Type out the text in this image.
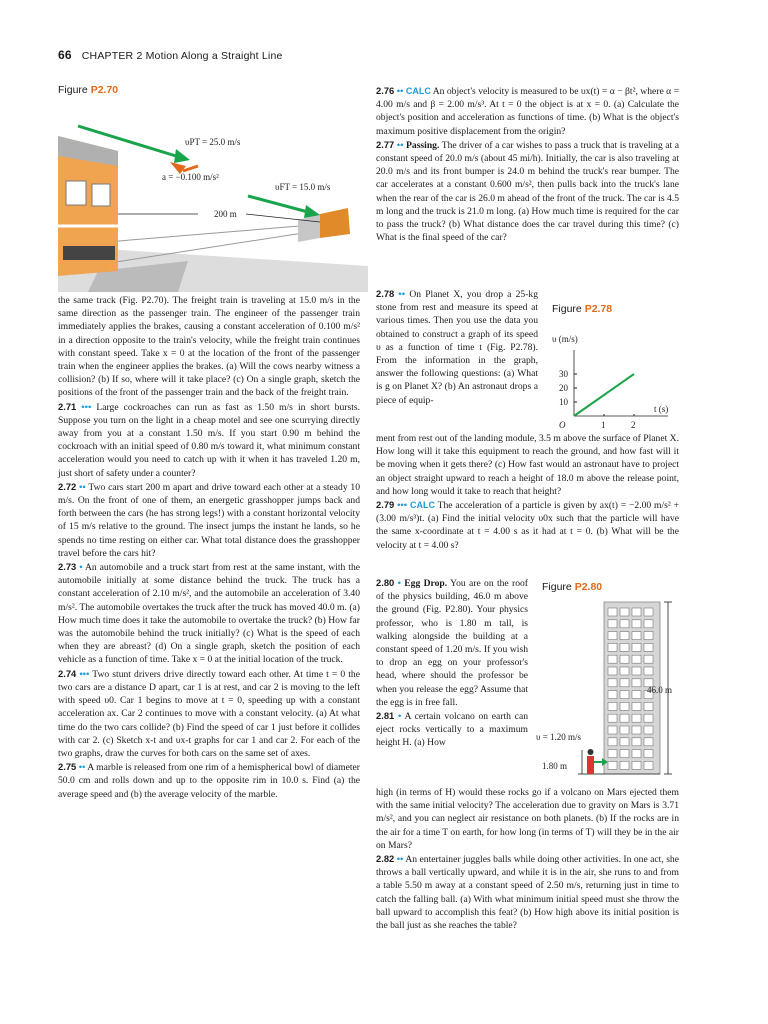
66 CHAPTER 2 Motion Along a Straight Line
Figure P2.70
υPT = 25.0 m/s
a = −0.100 m/s²
υFT = 15.0 m/s
200 m

the same track (Fig. P2.70). The freight train is traveling at 15.0 m/s in the same direction as the passenger train. The engineer of the passenger train immediately applies the brakes, causing a constant acceleration of 0.100 m/s² in a direction opposite to the train's velocity, while the freight train continues with constant speed. Take x = 0 at the location of the front of the passenger train when the engineer applies the brakes. (a) Will the cows nearby witness a collision? (b) If so, where will it take place? (c) On a single graph, sketch the positions of the front of the passenger train and the back of the freight train.

2.71 ••• Large cockroaches can run as fast as 1.50 m/s in short bursts. Suppose you turn on the light in a cheap motel and see one scurrying directly away from you at a constant 1.50 m/s. If you start 0.90 m behind the cockroach with an initial speed of 0.80 m/s toward it, what minimum constant acceleration would you need to catch up with it when it has traveled 1.20 m, just short of safety under a counter?

2.72 •• Two cars start 200 m apart and drive toward each other at a steady 10 m/s. On the front of one of them, an energetic grasshopper jumps back and forth between the cars (he has strong legs!) with a constant horizontal velocity of 15 m/s relative to the ground. The insect jumps the instant he lands, so he spends no time resting on either car. What total distance does the grasshopper travel before the cars hit?

2.73 • An automobile and a truck start from rest at the same instant, with the automobile initially at some distance behind the truck. The truck has a constant acceleration of 2.10 m/s², and the automobile an acceleration of 3.40 m/s². The automobile overtakes the truck after the truck has moved 40.0 m. (a) How much time does it take the automobile to overtake the truck? (b) How far was the automobile behind the truck initially? (c) What is the speed of each when they are abreast? (d) On a single graph, sketch the position of each vehicle as a function of time. Take x = 0 at the initial location of the truck.

2.74 ••• Two stunt drivers drive directly toward each other. At time t = 0 the two cars are a distance D apart, car 1 is at rest, and car 2 is moving to the left with speed υ0. Car 1 begins to move at t = 0, speeding up with a constant acceleration ax. Car 2 continues to move with a constant velocity. (a) At what time do the two cars collide? (b) Find the speed of car 1 just before it collides with car 2. (c) Sketch x-t and υx-t graphs for car 1 and car 2. For each of the two graphs, draw the curves for both cars on the same set of axes.

2.75 •• A marble is released from one rim of a hemispherical bowl of diameter 50.0 cm and rolls down and up to the opposite rim in 10.0 s. Find (a) the average speed and (b) the average velocity of the marble.

2.76 •• CALC An object's velocity is measured to be υx(t) = α − βt², where α = 4.00 m/s and β = 2.00 m/s³. At t = 0 the object is at x = 0. (a) Calculate the object's position and acceleration as functions of time. (b) What is the object's maximum positive displacement from the origin?

2.77 •• Passing. The driver of a car wishes to pass a truck that is traveling at a constant speed of 20.0 m/s (about 45 mi/h). Initially, the car is also traveling at 20.0 m/s and its front bumper is 24.0 m behind the truck's rear bumper. The car accelerates at a constant 0.600 m/s², then pulls back into the truck's lane when the rear of the car is 26.0 m ahead of the front of the truck. The car is 4.5 m long and the truck is 21.0 m long. (a) How much time is required for the car to pass the truck? (b) What distance does the car travel during this time? (c) What is the final speed of the car?

2.78 •• On Planet X, you drop a 25-kg stone from rest and measure its speed at various times. Then you use the data you obtained to construct a graph of its speed υ as a function of time t (Fig. P2.78). From the information in the graph, answer the following questions: (a) What is g on Planet X? (b) An astronaut drops a piece of equip-

Figure P2.78
υ (m/s)
30
20
10
O	1	2
t (s)

ment from rest out of the landing module, 3.5 m above the surface of Planet X. How long will it take this equipment to reach the ground, and how fast will it be moving when it gets there? (c) How fast would an astronaut have to project an object straight upward to reach a height of 18.0 m above the release point, and how long would it take to reach that height?

2.79 ••• CALC The acceleration of a particle is given by ax(t) = −2.00 m/s² + (3.00 m/s³)t. (a) Find the initial velocity υ0x such that the particle will have the same x-coordinate at t = 4.00 s as it had at t = 0. (b) What will be the velocity at t = 4.00 s?

2.80 • Egg Drop. You are on the roof of the physics building, 46.0 m above the ground (Fig. P2.80). Your physics professor, who is 1.80 m tall, is walking alongside the building at a constant speed of 1.20 m/s. If you wish to drop an egg on your professor's head, where should the professor be when you release the egg? Assume that the egg is in free fall.

2.81 • A certain volcano on earth can eject rocks vertically to a maximum height H. (a) How

Figure P2.80
46.0 m
υ = 1.20 m/s
1.80 m

high (in terms of H) would these rocks go if a volcano on Mars ejected them with the same initial velocity? The acceleration due to gravity on Mars is 3.71 m/s², and you can neglect air resistance on both planets. (b) If the rocks are in the air for a time T on earth, for how long (in terms of T) will they be in the air on Mars?

2.82 •• An entertainer juggles balls while doing other activities. In one act, she throws a ball vertically upward, and while it is in the air, she runs to and from a table 5.50 m away at a constant speed of 2.50 m/s, returning just in time to catch the falling ball. (a) With what minimum initial speed must she throw the ball upward to accomplish this feat? (b) How high above its initial position is the ball just as she reaches the table?
